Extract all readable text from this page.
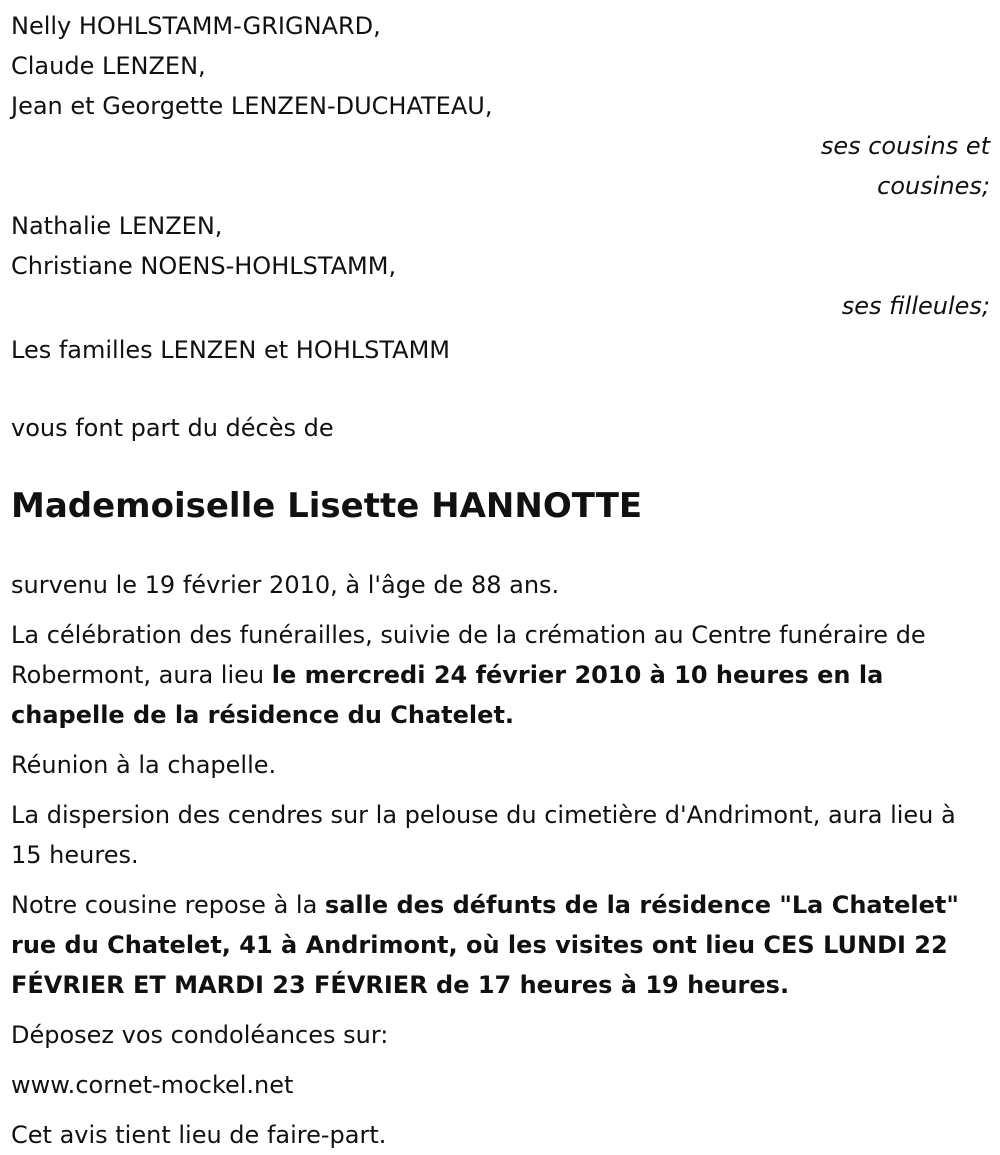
Nelly HOHLSTAMM-GRIGNARD,
Claude LENZEN,
Jean et Georgette LENZEN-DUCHATEAU,
ses cousins et
cousines;
Nathalie LENZEN,
Christiane NOENS-HOHLSTAMM,
ses filleules;
Les familles LENZEN et HOHLSTAMM
vous font part du décès de
Mademoiselle Lisette HANNOTTE
survenu le 19 février 2010, à l'âge de 88 ans.
La célébration des funérailles, suivie de la crémation au Centre funéraire de Robermont, aura lieu le mercredi 24 février 2010 à 10 heures en la chapelle de la résidence du Chatelet.
Réunion à la chapelle.
La dispersion des cendres sur la pelouse du cimetière d'Andrimont, aura lieu à 15 heures.
Notre cousine repose à la salle des défunts de la résidence "La Chatelet" rue du Chatelet, 41 à Andrimont, où les visites ont lieu CES LUNDI 22 FÉVRIER ET MARDI 23 FÉVRIER de 17 heures à 19 heures.
Déposez vos condoléances sur:
www.cornet-mockel.net
Cet avis tient lieu de faire-part.
